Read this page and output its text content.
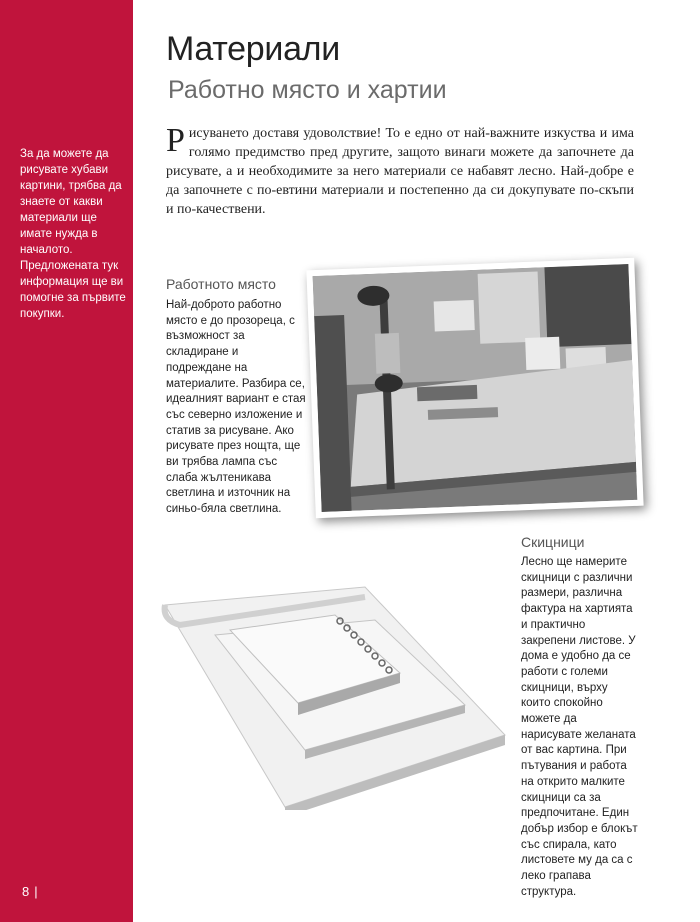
За да можете да рисувате хубави картини, трябва да знаете от какви материали ще имате нужда в началото. Предложената тук информация ще ви помогне за първите покупки.
8 |
Материали
Работно място и хартии
Рисуването доставя удоволствие! То е едно от най-важните изкуства и има голямо предимство пред другите, защото винаги можете да започнете да рисувате, а и необходимите за него материали се набавят лесно. Най-добре е да започнете с по-евтини материали и постепенно да си докупувате по-скъпи и по-качествени.
Работното място
Най-доброто работно място е до прозореца, с възможност за складиране и подреждане на материалите. Разбира се, идеалният вариант е стая със северно изложение и статив за рисуване. Ако рисувате през нощта, ще ви трябва лампа със слаба жълтеникава светлина и източник на синьо-бяла светлина.
Скицници
Лесно ще намерите скицници с различни размери, различна фактура на хартията и практично закрепени листове. У дома е удобно да се работи с големи скицници, върху които спокойно можете да нарисувате желаната от вас картина. При пътувания и работа на открито малките скицници са за предпочитане. Един добър избор е блокът със спирала, като листовете му да са с леко грапава структура.
